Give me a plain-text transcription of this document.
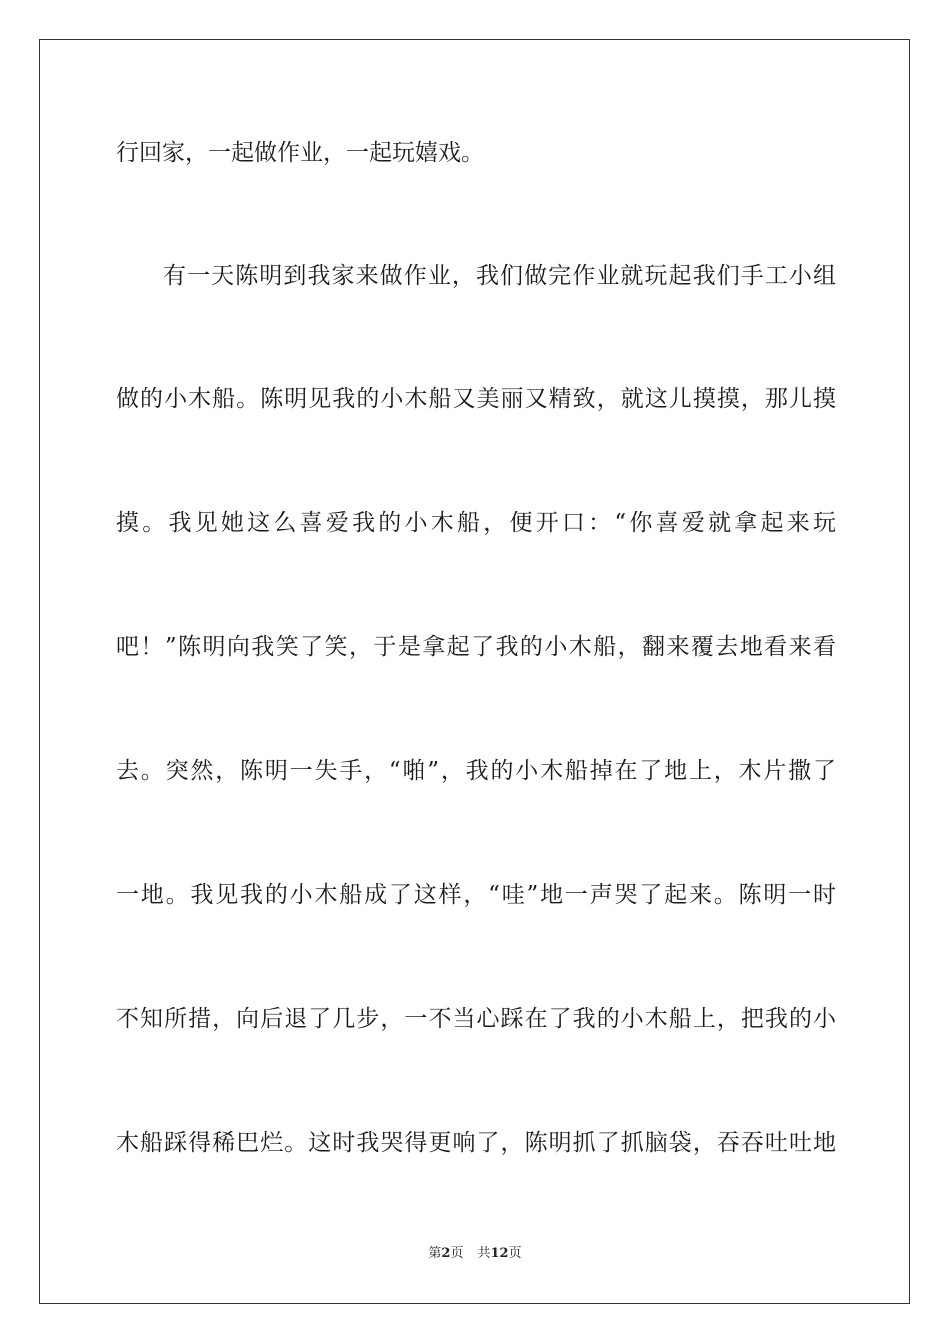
行回家，一起做作业，一起玩嬉戏。
有一天陈明到我家来做作业，我们做完作业就玩起我们手工小组
做的小木船。陈明见我的小木船又美丽又精致，就这儿摸摸，那儿摸
摸。我见她这么喜爱我的小木船，便开口：“你喜爱就拿起来玩
吧！”陈明向我笑了笑，于是拿起了我的小木船，翻来覆去地看来看
去。突然，陈明一失手，“啪”，我的小木船掉在了地上，木片撒了
一地。我见我的小木船成了这样，“哇”地一声哭了起来。陈明一时
不知所措，向后退了几步，一不当心踩在了我的小木船上，把我的小
木船踩得稀巴烂。这时我哭得更响了，陈明抓了抓脑袋，吞吞吐吐地
第2页 共12页
